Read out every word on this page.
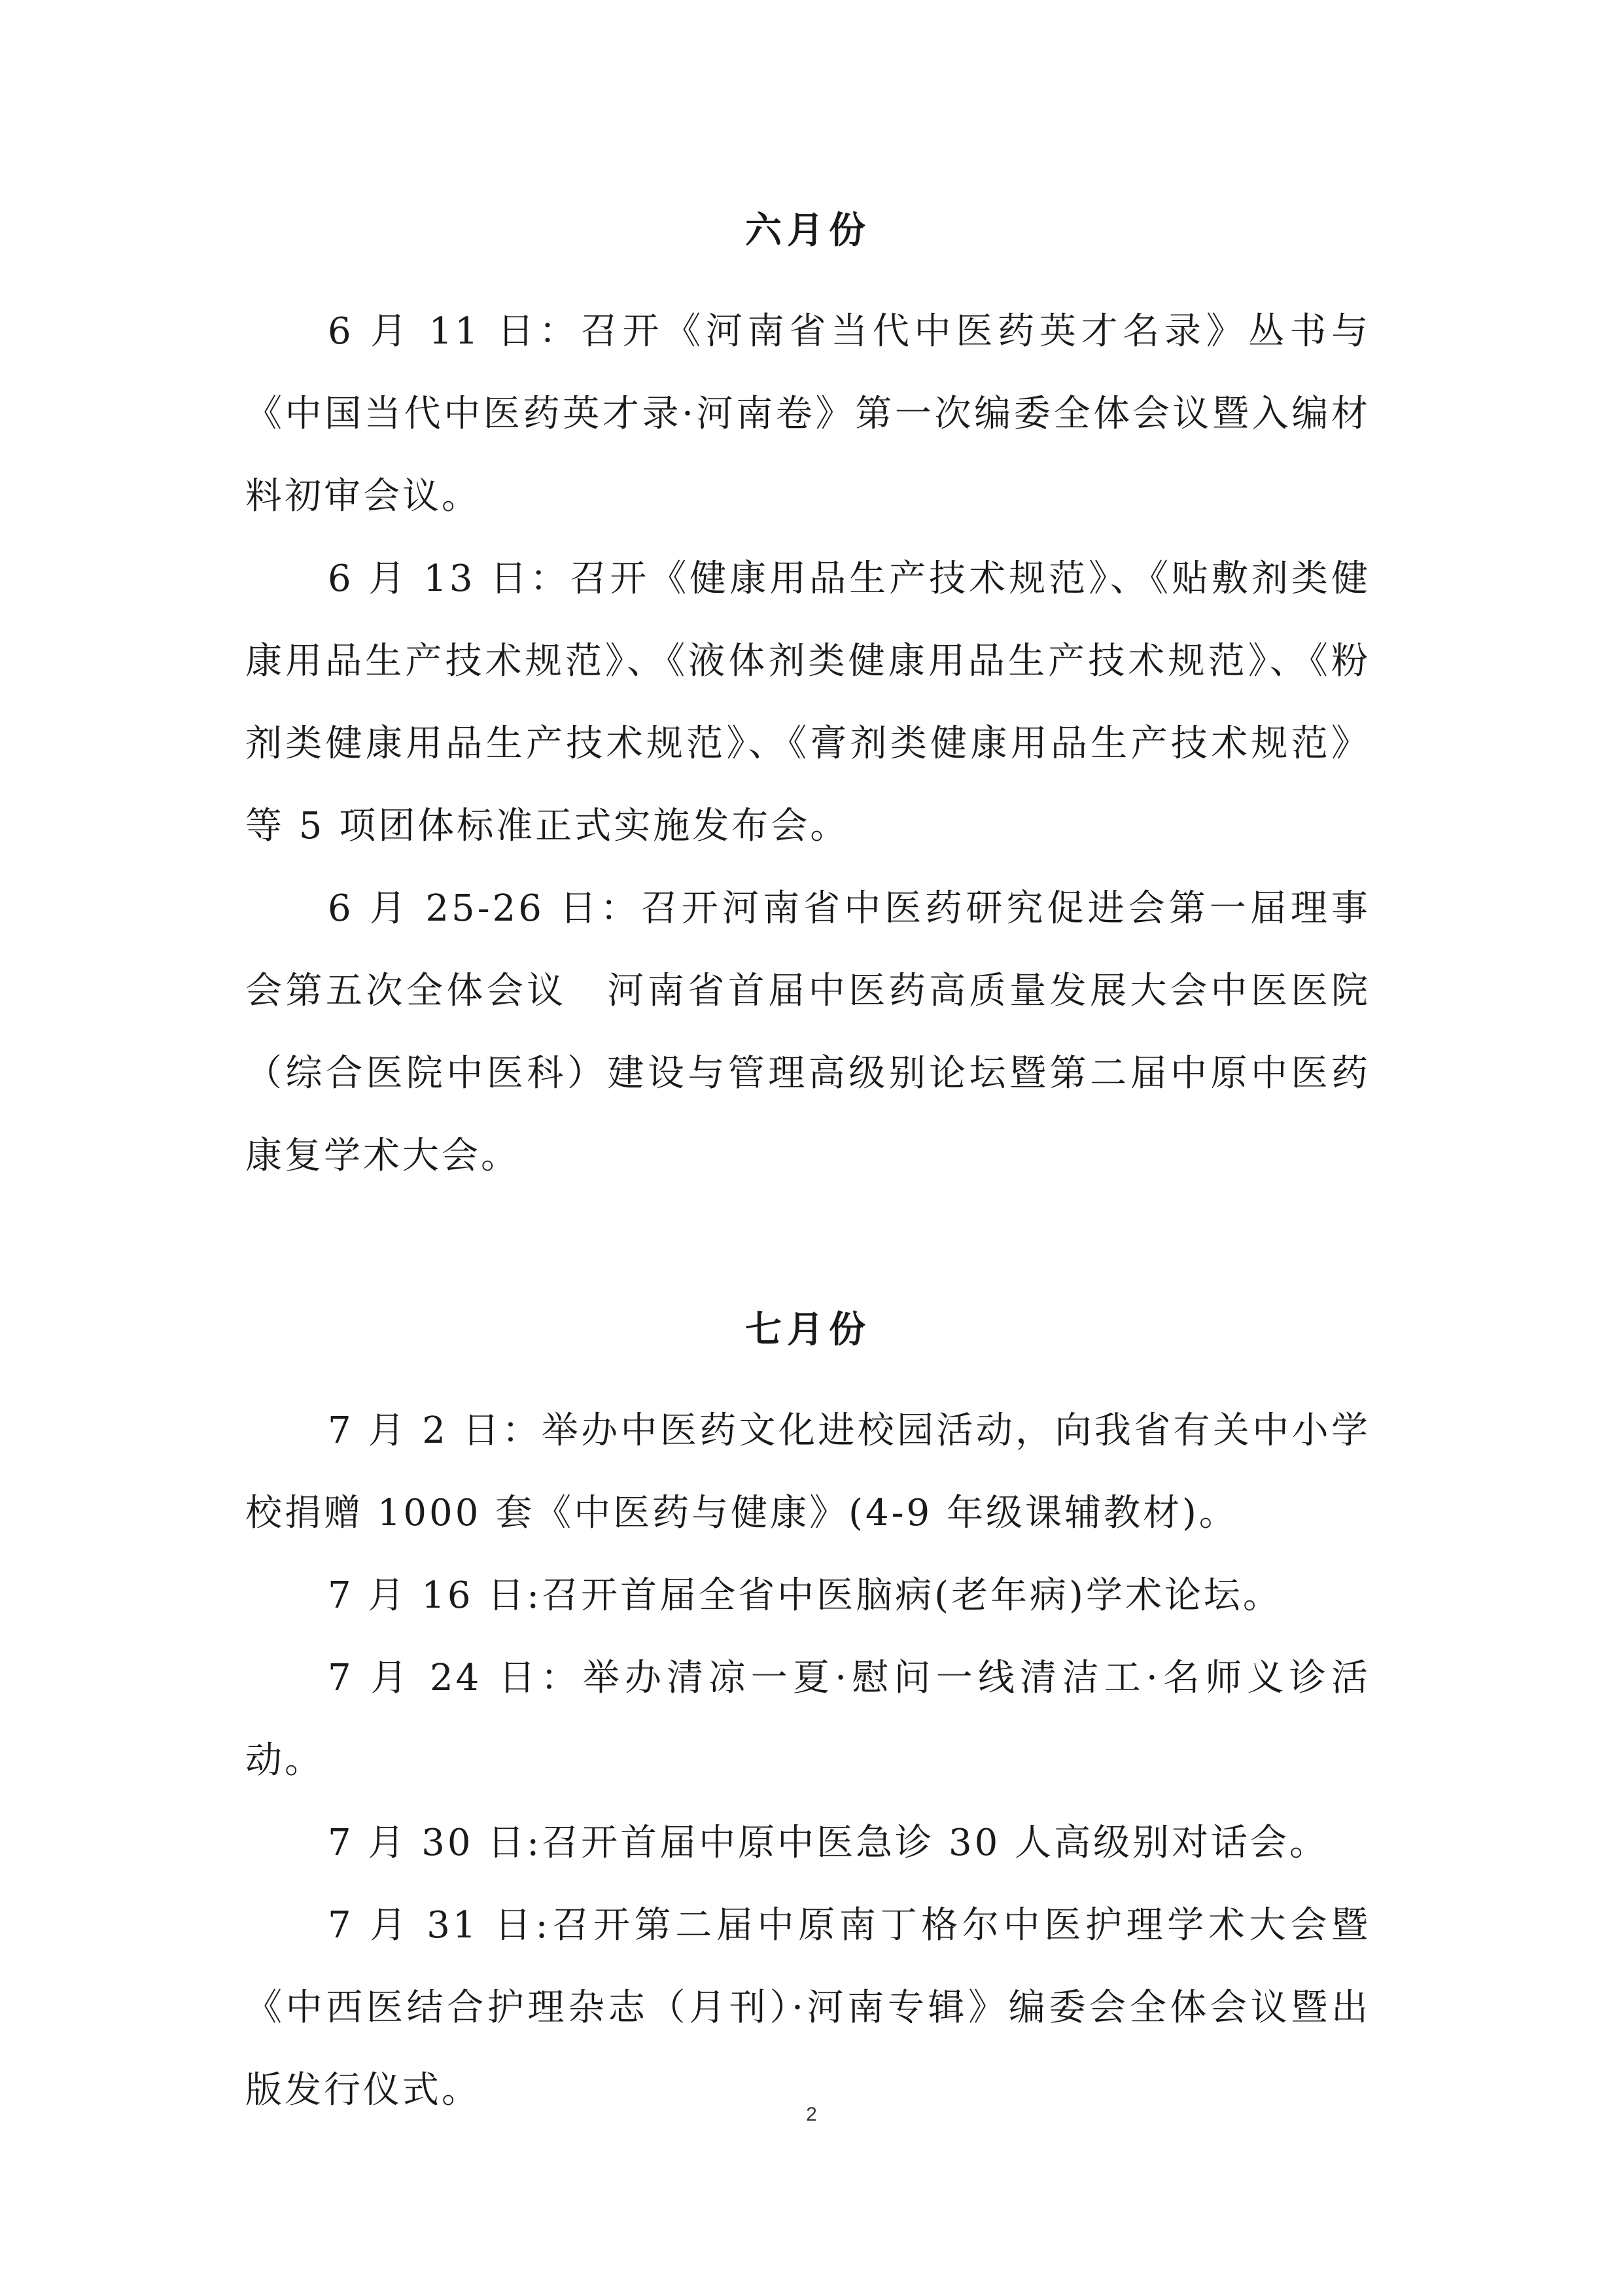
六月份

6 月 11 日：召开《河南省当代中医药英才名录》丛书与《中国当代中医药英才录·河南卷》第一次编委全体会议暨入编材料初审会议。

6 月 13 日：召开《健康用品生产技术规范》、《贴敷剂类健康用品生产技术规范》、《液体剂类健康用品生产技术规范》、《粉剂类健康用品生产技术规范》、《膏剂类健康用品生产技术规范》等 5 项团体标准正式实施发布会。

6 月 25-26 日：召开河南省中医药研究促进会第一届理事会第五次全体会议　河南省首届中医药高质量发展大会中医医院（综合医院中医科）建设与管理高级别论坛暨第二届中原中医药康复学术大会。

七月份

7 月 2 日：举办中医药文化进校园活动，向我省有关中小学校捐赠 1000 套《中医药与健康》(4-9 年级课辅教材)。

7 月 16 日:召开首届全省中医脑病(老年病)学术论坛。

7 月 24 日：举办清凉一夏·慰问一线清洁工·名师义诊活动。

7 月 30 日:召开首届中原中医急诊 30 人高级别对话会。

7 月 31 日:召开第二届中原南丁格尔中医护理学术大会暨《中西医结合护理杂志（月刊）·河南专辑》编委会全体会议暨出版发行仪式。

2
